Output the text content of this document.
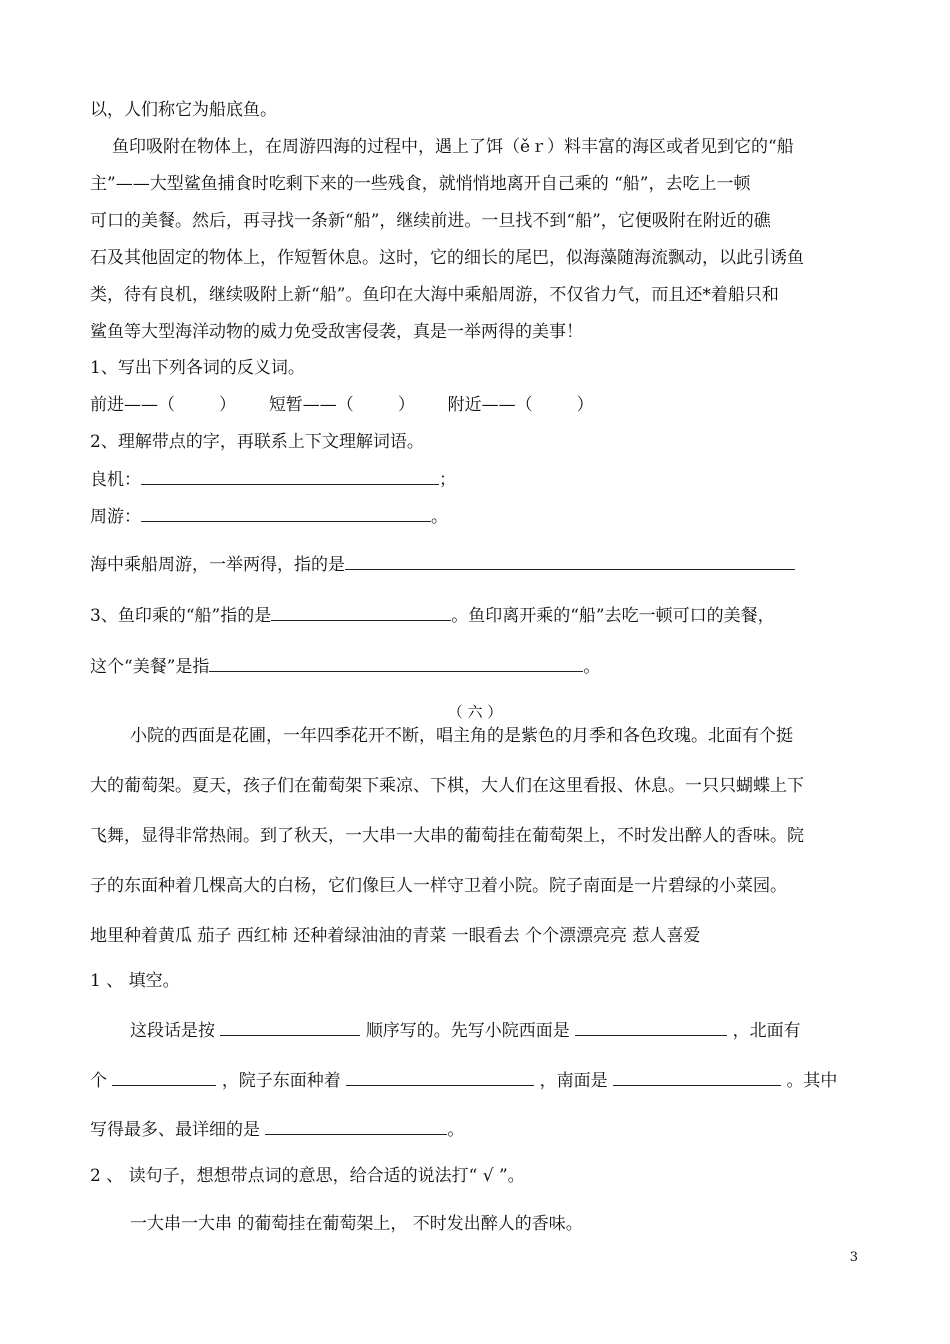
以，人们称它为船底鱼。
鱼印吸附在物体上，在周游四海的过程中，遇上了饵（ěｒ）料丰富的海区或者见到它的“船
主”——大型鲨鱼捕食时吃剩下来的一些残食，就悄悄地离开自己乘的 “船”，去吃上一顿
可口的美餐。然后，再寻找一条新“船”，继续前进。一旦找不到“船”，它便吸附在附近的礁
石及其他固定的物体上，作短暂休息。这时，它的细长的尾巴，似海藻随海流飘动，以此引诱鱼
类，待有良机，继续吸附上新“船”。鱼印在大海中乘船周游，不仅省力气，而且还*着船只和
鲨鱼等大型海洋动物的威力免受敌害侵袭，真是一举两得的美事！
1、写出下列各词的反义词。
前进——（	） 短暂——（	） 附近——（	）
2、理解带点的字，再联系上下文理解词语。
良机：	；
周游：	。
海中乘船周游，一举两得，指的是
3、鱼印乘的“船”指的是	。鱼印离开乘的“船”去吃一顿可口的美餐，
这个“美餐”是指	。
（ 六 ）
小院的西面是花圃，一年四季花开不断，唱主角的是紫色的月季和各色玫瑰。北面有个挺
大的葡萄架。夏天，孩子们在葡萄架下乘凉、下棋，大人们在这里看报、休息。一只只蝴蝶上下
飞舞，显得非常热闹。到了秋天，一大串一大串的葡萄挂在葡萄架上，不时发出醉人的香味。院
子的东面种着几棵高大的白杨，它们像巨人一样守卫着小院。院子南面是一片碧绿的小菜园。
地里种着黄瓜 茄子 西红柿 还种着绿油油的青菜 一眼看去 个个漂漂亮亮 惹人喜爱
1 、 填空。
这段话是按	顺序写的。先写小院西面是	，北面有
个	，院子东面种着	，南面是	。其中
写得最多、最详细的是	。
2 、 读句子，想想带点词的意思，给合适的说法打“ √ ”。
一大串一大串 的葡萄挂在葡萄架上， 不时发出醉人的香味。
3
